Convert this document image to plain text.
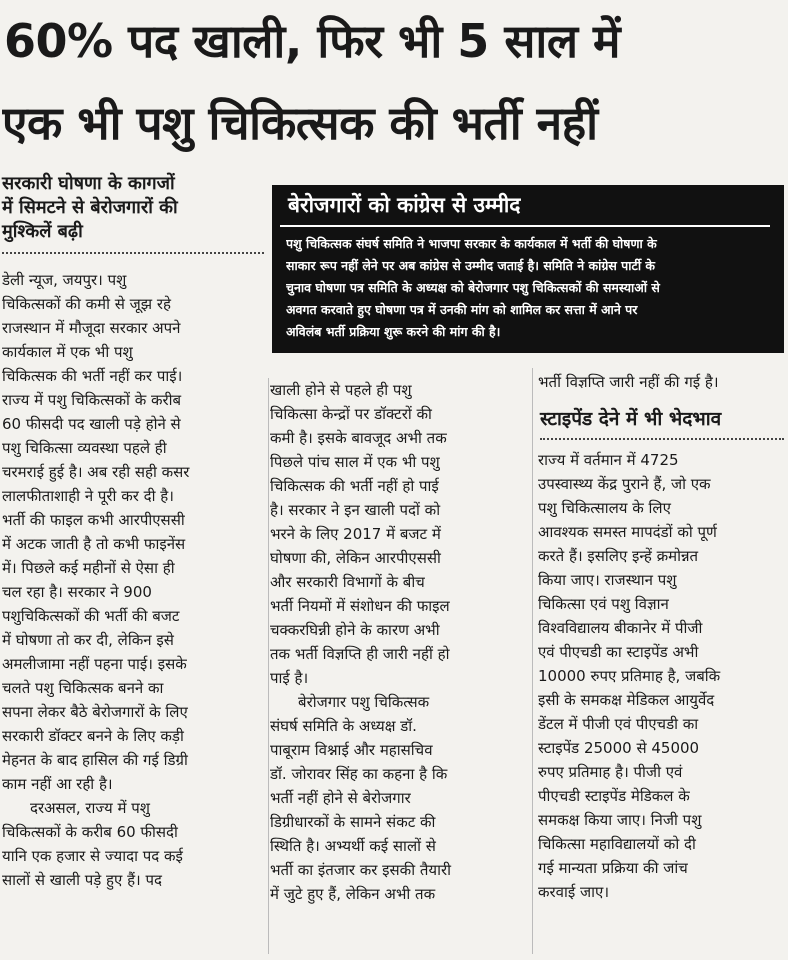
60% पद खाली, फिर भी 5 साल में
एक भी पशु चिकित्सक की भर्ती नहीं
सरकारी घोषणा के कागजों
में सिमटने से बेरोजगारों की
मुश्किलें बढ़ी
बेरोजगारों को कांग्रेस से उम्मीद
पशु चिकित्सक संघर्ष समिति ने भाजपा सरकार के कार्यकाल में भर्ती की घोषणा के
साकार रूप नहीं लेने पर अब कांग्रेस से उम्मीद जताई है। समिति ने कांग्रेस पार्टी के
चुनाव घोषणा पत्र समिति के अध्यक्ष को बेरोजगार पशु चिकित्सकों की समस्याओं से
अवगत करवाते हुए घोषणा पत्र में उनकी मांग को शामिल कर सत्ता में आने पर
अविलंब भर्ती प्रक्रिया शुरू करने की मांग की है।
डेली न्यूज, जयपुर। पशु
चिकित्सकों की कमी से जूझ रहे
राजस्थान में मौजूदा सरकार अपने
कार्यकाल में एक भी पशु
चिकित्सक की भर्ती नहीं कर पाई।
राज्य में पशु चिकित्सकों के करीब
60 फीसदी पद खाली पड़े होने से
पशु चिकित्सा व्यवस्था पहले ही
चरमराई हुई है। अब रही सही कसर
लालफीताशाही ने पूरी कर दी है।
भर्ती की फाइल कभी आरपीएससी
में अटक जाती है तो कभी फाइनेंस
में। पिछले कई महीनों से ऐसा ही
चल रहा है। सरकार ने 900
पशुचिकित्सकों की भर्ती की बजट
में घोषणा तो कर दी, लेकिन इसे
अमलीजामा नहीं पहना पाई। इसके
चलते पशु चिकित्सक बनने का
सपना लेकर बैठे बेरोजगारों के लिए
सरकारी डॉक्टर बनने के लिए कड़ी
मेहनत के बाद हासिल की गई डिग्री
काम नहीं आ रही है।
दरअसल, राज्य में पशु
चिकित्सकों के करीब 60 फीसदी
यानि एक हजार से ज्यादा पद कई
सालों से खाली पड़े हुए हैं। पद
खाली होने से पहले ही पशु
चिकित्सा केन्द्रों पर डॉक्टरों की
कमी है। इसके बावजूद अभी तक
पिछले पांच साल में एक भी पशु
चिकित्सक की भर्ती नहीं हो पाई
है। सरकार ने इन खाली पदों को
भरने के लिए 2017 में बजट में
घोषणा की, लेकिन आरपीएससी
और सरकारी विभागों के बीच
भर्ती नियमों में संशोधन की फाइल
चक्करघिन्नी होने के कारण अभी
तक भर्ती विज्ञप्ति ही जारी नहीं हो
पाई है।
बेरोजगार पशु चिकित्सक
संघर्ष समिति के अध्यक्ष डॉ.
पाबूराम विश्नाई और महासचिव
डॉ. जोरावर सिंह का कहना है कि
भर्ती नहीं होने से बेरोजगार
डिग्रीधारकों के सामने संकट की
स्थिति है। अभ्यर्थी कई सालों से
भर्ती का इंतजार कर इसकी तैयारी
में जुटे हुए हैं, लेकिन अभी तक
भर्ती विज्ञप्ति जारी नहीं की गई है।
स्टाइपेंड देने में भी भेदभाव
राज्य में वर्तमान में 4725
उपस्वास्थ्य केंद्र पुराने हैं, जो एक
पशु चिकित्सालय के लिए
आवश्यक समस्त मापदंडों को पूर्ण
करते हैं। इसलिए इन्हें क्रमोन्नत
किया जाए। राजस्थान पशु
चिकित्सा एवं पशु विज्ञान
विश्वविद्यालय बीकानेर में पीजी
एवं पीएचडी का स्टाइपेंड अभी
10000 रुपए प्रतिमाह है, जबकि
इसी के समकक्ष मेडिकल आयुर्वेद
डेंटल में पीजी एवं पीएचडी का
स्टाइपेंड 25000 से 45000
रुपए प्रतिमाह है। पीजी एवं
पीएचडी स्टाइपेंड मेडिकल के
समकक्ष किया जाए। निजी पशु
चिकित्सा महाविद्यालयों को दी
गई मान्यता प्रक्रिया की जांच
करवाई जाए।
